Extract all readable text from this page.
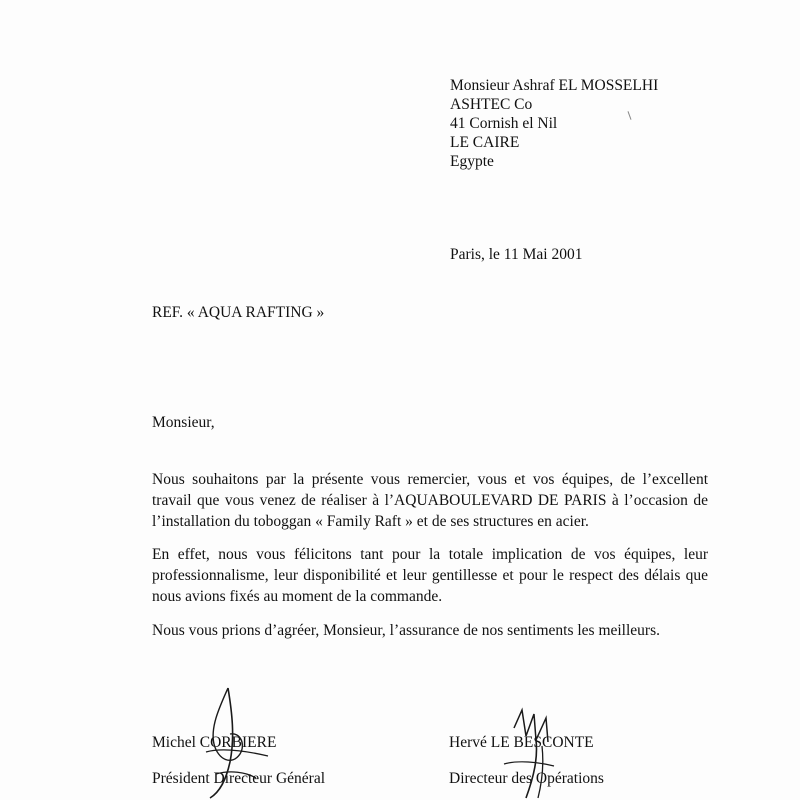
Monsieur Ashraf EL MOSSELHI
ASHTEC Co
41 Cornish el Nil
LE CAIRE
Egypte
Paris, le 11 Mai 2001
REF. « AQUA RAFTING »
Monsieur,

Nous souhaitons par la présente vous remercier, vous et vos équipes, de l’excellent travail que vous venez de réaliser à l’AQUABOULEVARD DE PARIS à l’occasion de l’installation du toboggan « Family Raft » et de ses structures en acier.

En effet, nous vous félicitons tant pour la totale implication de vos équipes, leur professionnalisme, leur disponibilité et leur gentillesse et pour le respect des délais que nous avions fixés au moment de la commande.

Nous vous prions d’agréer, Monsieur, l’assurance de nos sentiments les meilleurs.

Michel CORBIERE
Président Directeur Général
Hervé LE BESCONTE
Directeur des Opérations
